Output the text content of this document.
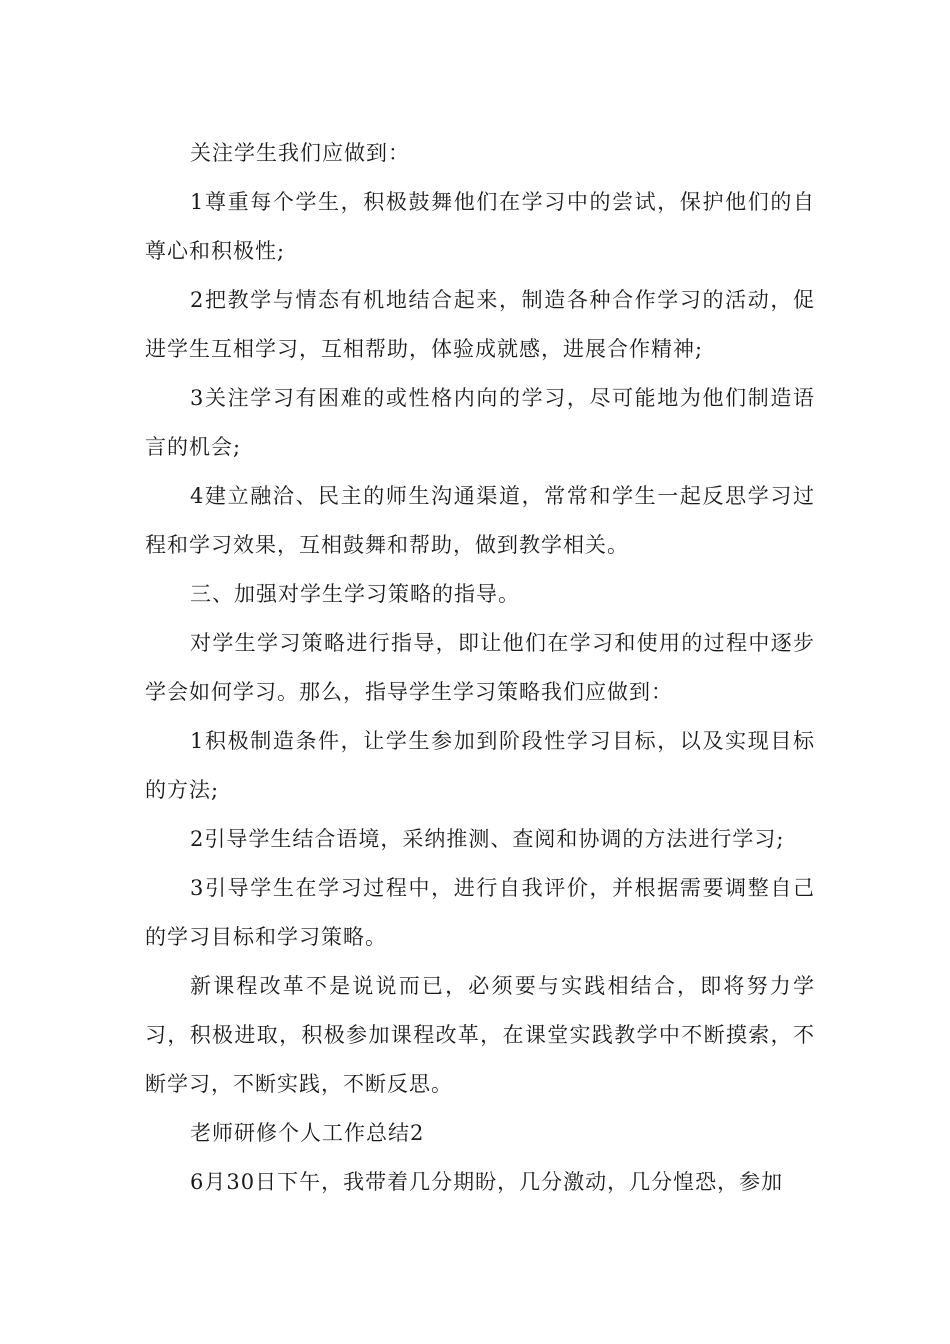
关注学生我们应做到：

1尊重每个学生，积极鼓舞他们在学习中的尝试，保护他们的自尊心和积极性;

2把教学与情态有机地结合起来，制造各种合作学习的活动，促进学生互相学习，互相帮助，体验成就感，进展合作精神;

3关注学习有困难的或性格内向的学习，尽可能地为他们制造语言的机会;

4建立融洽、民主的师生沟通渠道，常常和学生一起反思学习过程和学习效果，互相鼓舞和帮助，做到教学相关。

三、加强对学生学习策略的指导。

对学生学习策略进行指导，即让他们在学习和使用的过程中逐步学会如何学习。那么，指导学生学习策略我们应做到：

1积极制造条件，让学生参加到阶段性学习目标，以及实现目标的方法;

2引导学生结合语境，采纳推测、查阅和协调的方法进行学习;

3引导学生在学习过程中，进行自我评价，并根据需要调整自己的学习目标和学习策略。

新课程改革不是说说而已，必须要与实践相结合，即将努力学习，积极进取，积极参加课程改革，在课堂实践教学中不断摸索，不断学习，不断实践，不断反思。

老师研修个人工作总结2

6月30日下午，我带着几分期盼，几分激动，几分惶恐，参加
